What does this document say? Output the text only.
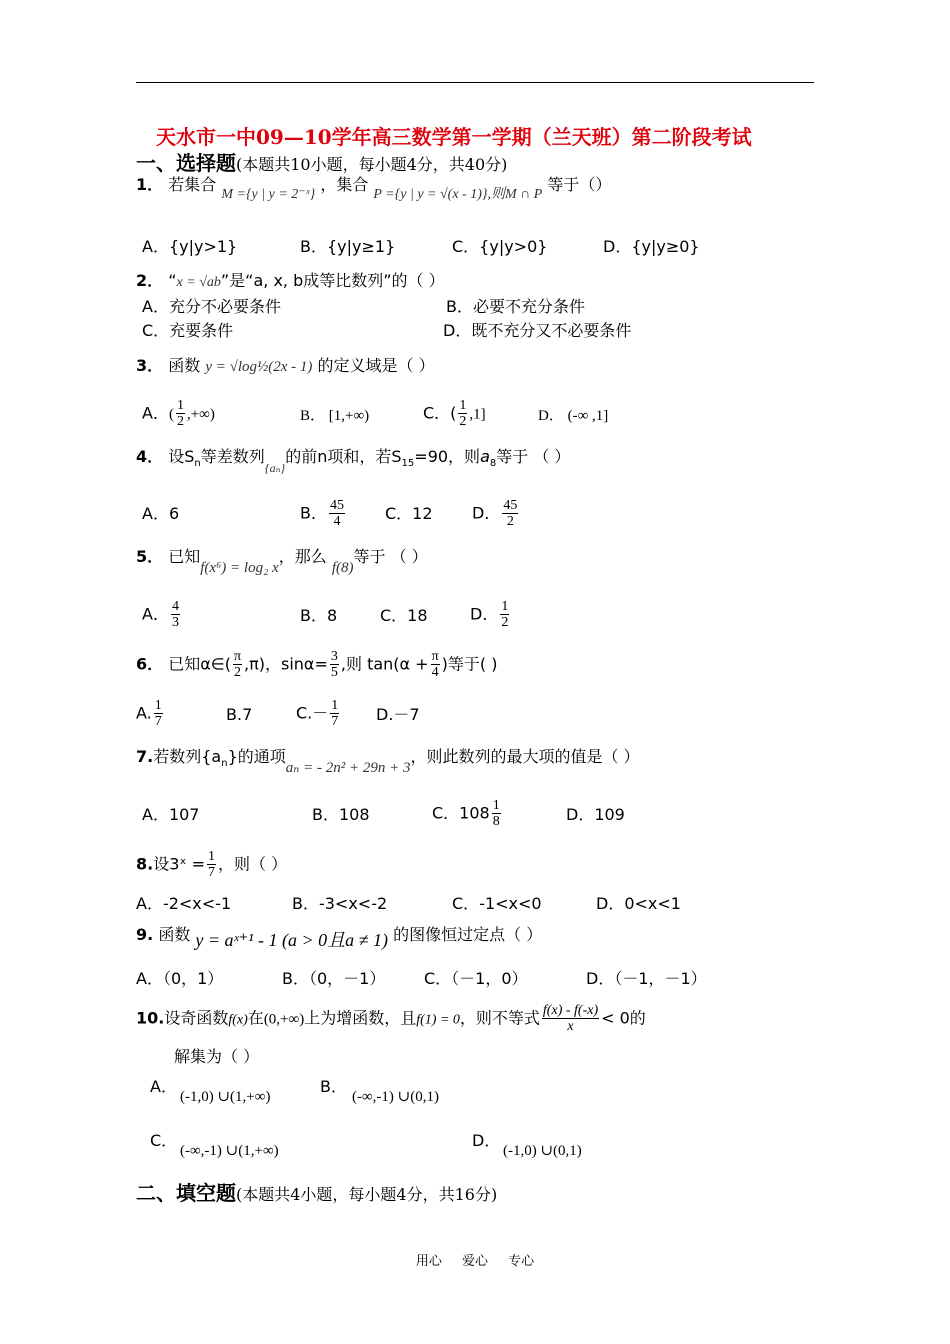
天水市一中09—10学年高三数学第一学期（兰天班）第二阶段考试
一、选择题(本题共10小题，每小题4分，共40分)
1． 若集合 M ={y | y = 2⁻ˣ} ，集合 P ={y | y = √(x - 1)},则M ∩ P 等于（）
A．{y|y>1}	B．{y|y≥1}	C．{y|y>0}	D．{y|y≥0}
2． “x = √ab”是“a, x, b成等比数列”的（ ）
A．充分不必要条件	B．必要不充分条件
C．充要条件	D．既不充分又不必要条件
3． 函数 y = √log½(2x - 1) 的定义域是（ ）
A．( $\frac{1}{2}$ ,+∞)	B． [1,+∞)	C．( $\frac{1}{2} ,1$]	D． (-∞ ,1]
4． 设$S_n$等差数列$_{\{a_n\}}$的前n项和，若$S_{15}=90$，则$a_8$等于 （ ）
A．6	B． $\frac{45}{4}$	C．12 D． $\frac{45}{2}$
5． 已知f(x⁶) = log₂ x，那么 f(8)等于 （ ）
A． $\frac{4}{3}$	B．8	C．18	D． $\frac{1}{2}$
6． 已知α∈( $\frac{\pi}{2} ,\pi$)，$\sin\alpha= \frac{3}{5}$ ,则 $\tan(\alpha + \frac{\pi}{4}$ )等于( )
A. $\frac{1}{7}$	B.7	$C.- \frac{1}{7} D.-7$
7.若数列$\{a_n\}$的通项aₙ = - 2n² + 29n + 3，则此数列的最大项的值是（ ）
A．107	B．108	C．$108 \frac{1}{8}$	D．109
8.设3ˣ = $\frac{1}{7}$ ，则（ ）
A．-2<x<-1	B．-3<x<-2	C．-1<x<0	D．0<x<1
9. 函数 y = aˣ⁺¹ - 1 (a > 0且a ≠ 1) 的图像恒过定点（ ）
A．（0，1）	B．（0，－1） C．（－1，0）	D．（－1，－1）
10.设奇函数f(x)在(0,+∞)上为增函数，且f(1) = 0，则不等式 $\frac{f(x) - f(-x)}{x} < 0$的
解集为（ ）
A．
(-1,0) ∪(1,+∞)
B．
(-∞,-1) ∪(0,1)
C．
(-∞,-1) ∪(1,+∞)
D．
(-1,0) ∪(0,1)
二、填空题(本题共4小题，每小题4分，共16分)
用心 爱心 专心
